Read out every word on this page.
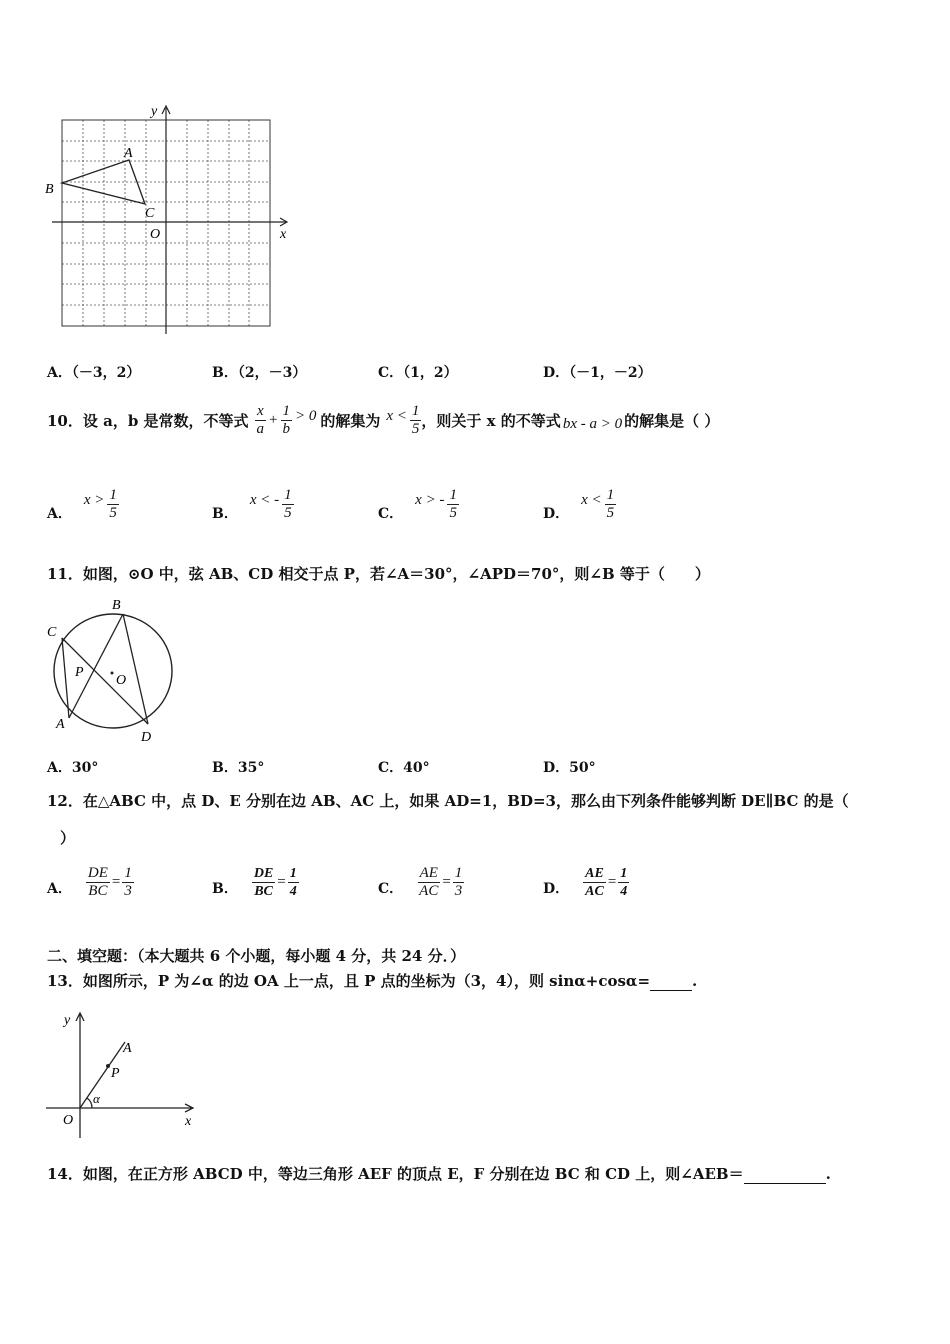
y
x
O
A
B
C
A．（－3，2）	B．（2，－3）	C．（1，2）	D．（－1，－2）
10． 设 a，b 是常数，不等式 $\frac{x}{a} + \frac{1}{b} > 0$ 的解集为 $x < \frac{1}{5}$ ，则关于 x 的不等式 bx - a > 0 的解集是（ ）
A．
$x > \frac{1}{5}$	B．
x < - $\frac{1}{5}$	C．
x > - $\frac{1}{5}$	D．
$x < \frac{1}{5}$
11．如图，⊙O 中，弦 AB、CD 相交于点 P，若∠A＝30°，∠APD＝70°，则∠B 等于（　　）
B
C
P
O
A
D
A．30°	B．35°	C．40°	D．50°
12．在△ABC 中，点 D、E 分别在边 AB、AC 上，如果 AD=1，BD=3，那么由下列条件能够判断 DE∥BC 的是（
）
A． $\frac{DE}{BC} = \frac{1}{3}$	B． $\frac{DE}{BC} = \frac{1}{4}$	C． $\frac{AE}{AC} = \frac{1}{3}$	D． $\frac{AE}{AC} = \frac{1}{4}$
二、填空题：（本大题共 6 个小题，每小题 4 分，共 24 分．）
13．如图所示，P 为∠α 的边 OA 上一点，且 P 点的坐标为（3，4），则 sinα+cosα=	.
y
x
O
A
P
α
14．如图，在正方形 ABCD 中，等边三角形 AEF 的顶点 E，F 分别在边 BC 和 CD 上，则∠AEB＝	.
